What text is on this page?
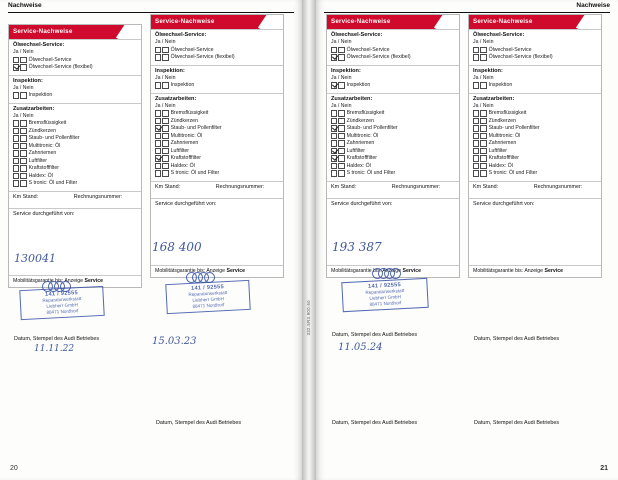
Nachweise
20
Service-Nachweise
Ölwechsel-Service:
Ja / Nein
Ölwechsel-Service
Ölwechsel-Service (flexibel)
Inspektion:
Ja / Nein
Inspektion
Zusatzarbeiten:
Ja / Nein
Bremsflüssigkeit
Zündkerzen
Staub- und Pollenfilter
Multitronic: Öl
Zahnriemen
Luftfilter
Kraftstofffilter
Haldex: Öl
S tronic: Öl und Filter
Km Stand:	Rechnungsnummer:
Service durchgeführt von:
Mobilitätsgarantie bis: Anzeige Service
130041
141 / 92555
Reparaturwerkstatt
Liebherr GmbH
88471 Nordhorf
Datum, Stempel des Audi Betriebes
11.11.22
Service-Nachweise
Ölwechsel-Service:
Ja / Nein
Ölwechsel-Service
Ölwechsel-Service (flexibel)
Inspektion:
Ja / Nein
Inspektion
Zusatzarbeiten:
Ja / Nein
Bremsflüssigkeit
Zündkerzen
Staub- und Pollenfilter
Multitronic: Öl
Zahnriemen
Luftfilter
Kraftstofffilter
Haldex: Öl
S tronic: Öl und Filter
Km Stand:	Rechnungsnummer:
Service durchgeführt von:
Mobilitätsgarantie bis: Anzeige Service
168 400
141 / 92555
Reparaturwerkstatt
Liebherr GmbH
88471 Nordhorf
15.03.23
Datum, Stempel des Audi Betriebes
332.5R3.900.60
Nachweise
21
Service-Nachweise
Ölwechsel-Service:
Ja / Nein
Ölwechsel-Service
Ölwechsel-Service (flexibel)
Inspektion:
Ja / Nein
Inspektion
Zusatzarbeiten:
Ja / Nein
Bremsflüssigkeit
Zündkerzen
Staub- und Pollenfilter
Multitronic: Öl
Zahnriemen
Luftfilter
Kraftstofffilter
Haldex: Öl
S tronic: Öl und Filter
Km Stand:	Rechnungsnummer:
Service durchgeführt von:
Mobilitätsgarantie bis: Anzeige Service
193 387
141 / 92555
Reparaturwerkstatt
Liebherr GmbH
88471 Nordhorf
Datum, Stempel des Audi Betriebes
11.05.24
Datum, Stempel des Audi Betriebes
Service-Nachweise
Ölwechsel-Service:
Ja / Nein
Ölwechsel-Service
Ölwechsel-Service (flexibel)
Inspektion:
Ja / Nein
Inspektion
Zusatzarbeiten:
Ja / Nein
Bremsflüssigkeit
Zündkerzen
Staub- und Pollenfilter
Multitronic: Öl
Zahnriemen
Luftfilter
Kraftstofffilter
Haldex: Öl
S tronic: Öl und Filter
Km Stand:	Rechnungsnummer:
Service durchgeführt von:
Mobilitätsgarantie bis: Anzeige Service
Datum, Stempel des Audi Betriebes
Datum, Stempel des Audi Betriebes
